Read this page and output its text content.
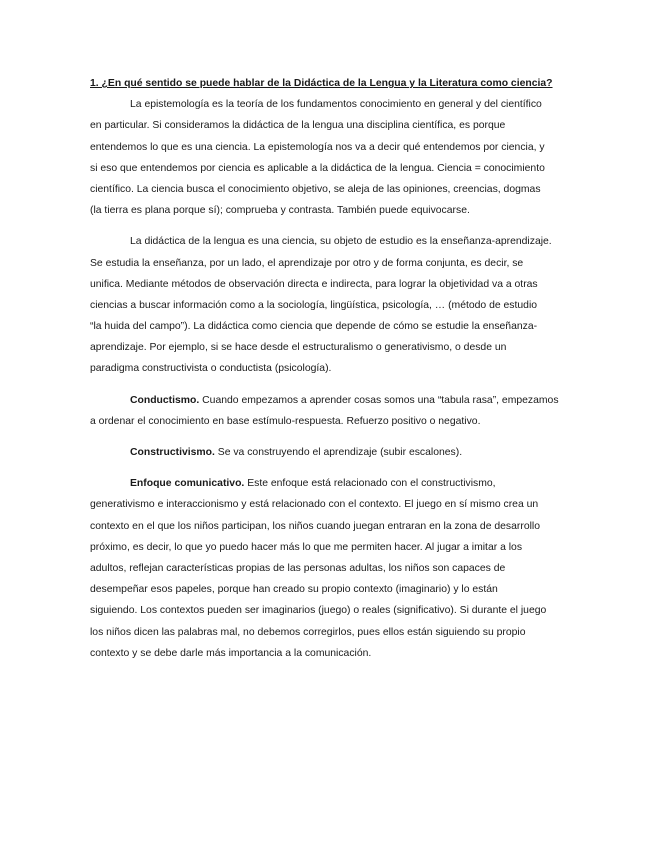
1. ¿En qué sentido se puede hablar de la Didáctica de la Lengua y la Literatura como ciencia?
La epistemología es la teoría de los fundamentos conocimiento en general y del científico
en particular. Si consideramos la didáctica de la lengua una disciplina científica, es porque
entendemos lo que es una ciencia. La epistemología nos va a decir qué entendemos por ciencia, y
si eso que entendemos por ciencia es aplicable a la didáctica de la lengua. Ciencia = conocimiento
científico. La ciencia busca el conocimiento objetivo, se aleja de las opiniones, creencias, dogmas
(la tierra es plana porque sí); comprueba y contrasta. También puede equivocarse.
La didáctica de la lengua es una ciencia, su objeto de estudio es la enseñanza-aprendizaje.
Se estudia la enseñanza, por un lado, el aprendizaje por otro y de forma conjunta, es decir, se
unifica. Mediante métodos de observación directa e indirecta, para lograr la objetividad va a otras
ciencias a buscar información como a la sociología, lingüística, psicología, … (método de estudio
“la huida del campo”). La didáctica como ciencia que depende de cómo se estudie la enseñanza-
aprendizaje. Por ejemplo, si se hace desde el estructuralismo o generativismo, o desde un
paradigma constructivista o conductista (psicología).
Conductismo. Cuando empezamos a aprender cosas somos una “tabula rasa”, empezamos
a ordenar el conocimiento en base estímulo-respuesta. Refuerzo positivo o negativo.
Constructivismo. Se va construyendo el aprendizaje (subir escalones).
Enfoque comunicativo. Este enfoque está relacionado con el constructivismo,
generativismo e interaccionismo y está relacionado con el contexto. El juego en sí mismo crea un
contexto en el que los niños participan, los niños cuando juegan entraran en la zona de desarrollo
próximo, es decir, lo que yo puedo hacer más lo que me permiten hacer. Al jugar a imitar a los
adultos, reflejan características propias de las personas adultas, los niños son capaces de
desempeñar esos papeles, porque han creado su propio contexto (imaginario) y lo están
siguiendo. Los contextos pueden ser imaginarios (juego) o reales (significativo). Si durante el juego
los niños dicen las palabras mal, no debemos corregirlos, pues ellos están siguiendo su propio
contexto y se debe darle más importancia a la comunicación.
